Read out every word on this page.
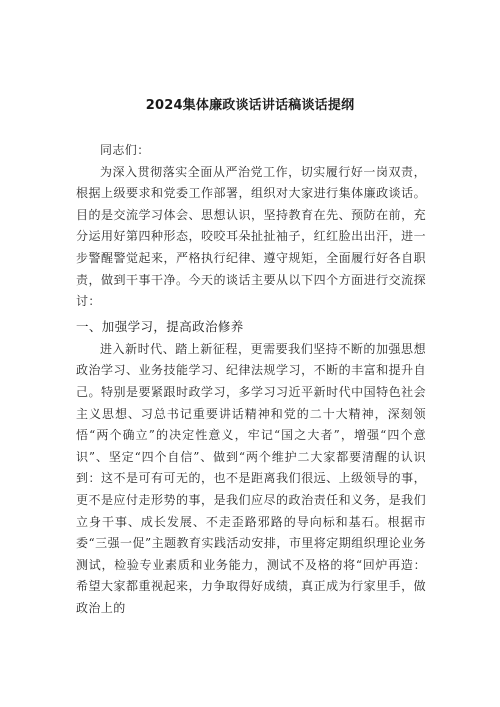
2024集体廉政谈话讲话稿谈话提纲

同志们：

为深入贯彻落实全面从严治党工作，切实履行好一岗双责，根据上级要求和党委工作部署，组织对大家进行集体廉政谈话。目的是交流学习体会、思想认识，坚持教育在先、预防在前，充分运用好第四种形态，咬咬耳朵扯扯袖子，红红脸出出汗，进一步警醒警觉起来，严格执行纪律、遵守规矩，全面履行好各自职责，做到干事干净。今天的谈话主要从以下四个方面进行交流探讨：

一、加强学习，提高政治修养

进入新时代、踏上新征程，更需要我们坚持不断的加强思想政治学习、业务技能学习、纪律法规学习，不断的丰富和提升自己。特别是要紧跟时政学习，多学习习近平新时代中国特色社会主义思想、习总书记重要讲话精神和党的二十大精神，深刻领悟“两个确立”的决定性意义，牢记“国之大者”，增强“四个意识”、坚定“四个自信”、做到“两个维护二大家都要清醒的认识到：这不是可有可无的，也不是距离我们很远、上级领导的事，更不是应付走形势的事，是我们应尽的政治责任和义务，是我们立身干事、成长发展、不走歪路邪路的导向标和基石。根据市委“三强一促”主题教育实践活动安排，市里将定期组织理论业务测试，检验专业素质和业务能力，测试不及格的将“回炉再造：希望大家都重视起来，力争取得好成绩，真正成为行家里手，做政治上的
